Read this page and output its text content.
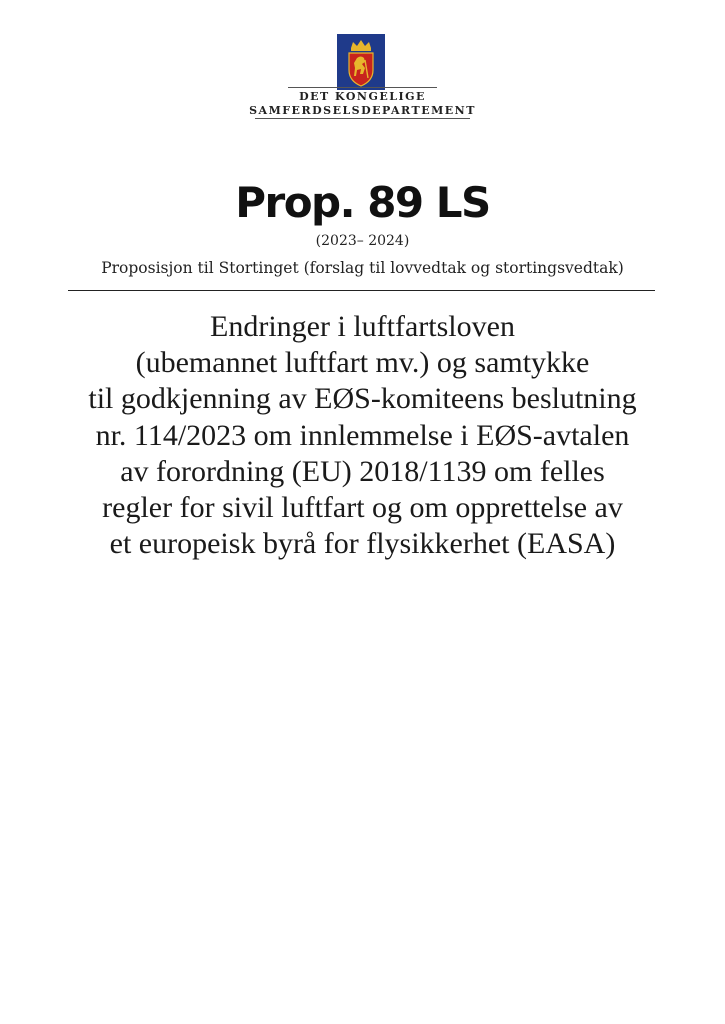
DET KONGELIGE
SAMFERDSELSDEPARTEMENT
Prop. 89 LS
(2023– 2024)
Proposisjon til Stortinget (forslag til lovvedtak og stortingsvedtak)
Endringer i luftfartsloven
(ubemannet luftfart mv.) og samtykke
til godkjenning av EØS-komiteens beslutning
nr. 114/2023 om innlemmelse i EØS-avtalen
av forordning (EU) 2018/1139 om felles
regler for sivil luftfart og om opprettelse av
et europeisk byrå for flysikkerhet (EASA)
